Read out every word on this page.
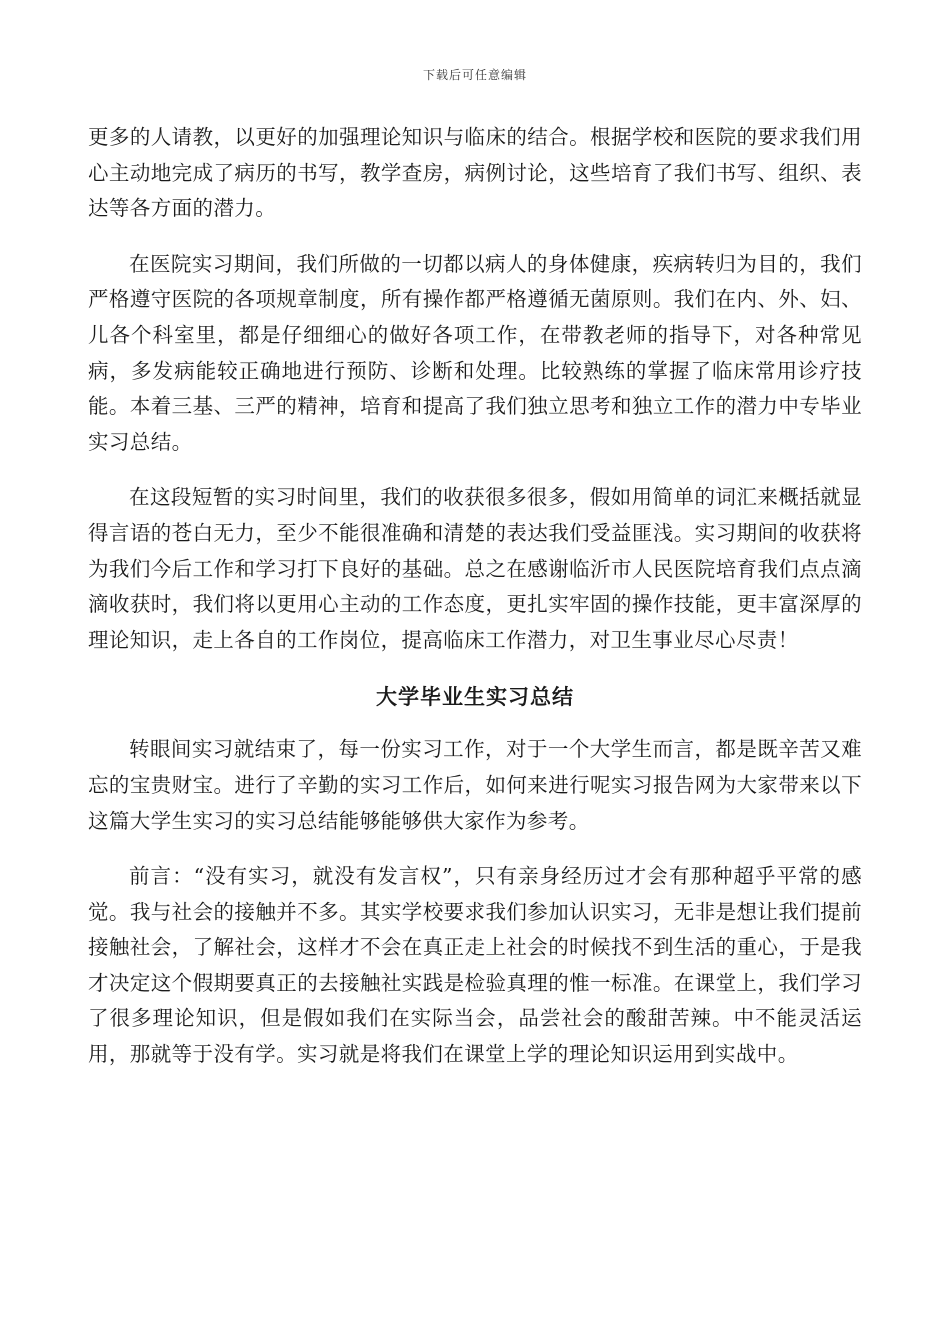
下载后可任意编辑

更多的人请教，以更好的加强理论知识与临床的结合。根据学校和医院的要求我们用心主动地完成了病历的书写，教学查房，病例讨论，这些培育了我们书写、组织、表达等各方面的潜力。

在医院实习期间，我们所做的一切都以病人的身体健康，疾病转归为目的，我们严格遵守医院的各项规章制度，所有操作都严格遵循无菌原则。我们在内、外、妇、儿各个科室里，都是仔细细心的做好各项工作，在带教老师的指导下，对各种常见病，多发病能较正确地进行预防、诊断和处理。比较熟练的掌握了临床常用诊疗技能。本着三基、三严的精神，培育和提高了我们独立思考和独立工作的潜力中专毕业实习总结。

在这段短暂的实习时间里，我们的收获很多很多，假如用简单的词汇来概括就显得言语的苍白无力，至少不能很准确和清楚的表达我们受益匪浅。实习期间的收获将为我们今后工作和学习打下良好的基础。总之在感谢临沂市人民医院培育我们点点滴滴收获时，我们将以更用心主动的工作态度，更扎实牢固的操作技能，更丰富深厚的理论知识，走上各自的工作岗位，提高临床工作潜力，对卫生事业尽心尽责！

大学毕业生实习总结

转眼间实习就结束了，每一份实习工作，对于一个大学生而言，都是既辛苦又难忘的宝贵财宝。进行了辛勤的实习工作后，如何来进行呢实习报告网为大家带来以下这篇大学生实习的实习总结能够能够供大家作为参考。

前言：“没有实习，就没有发言权”，只有亲身经历过才会有那种超乎平常的感觉。我与社会的接触并不多。其实学校要求我们参加认识实习，无非是想让我们提前接触社会，了解社会，这样才不会在真正走上社会的时候找不到生活的重心，于是我才决定这个假期要真正的去接触社实践是检验真理的惟一标准。在课堂上，我们学习了很多理论知识，但是假如我们在实际当会，品尝社会的酸甜苦辣。中不能灵活运用，那就等于没有学。实习就是将我们在课堂上学的理论知识运用到实战中。
